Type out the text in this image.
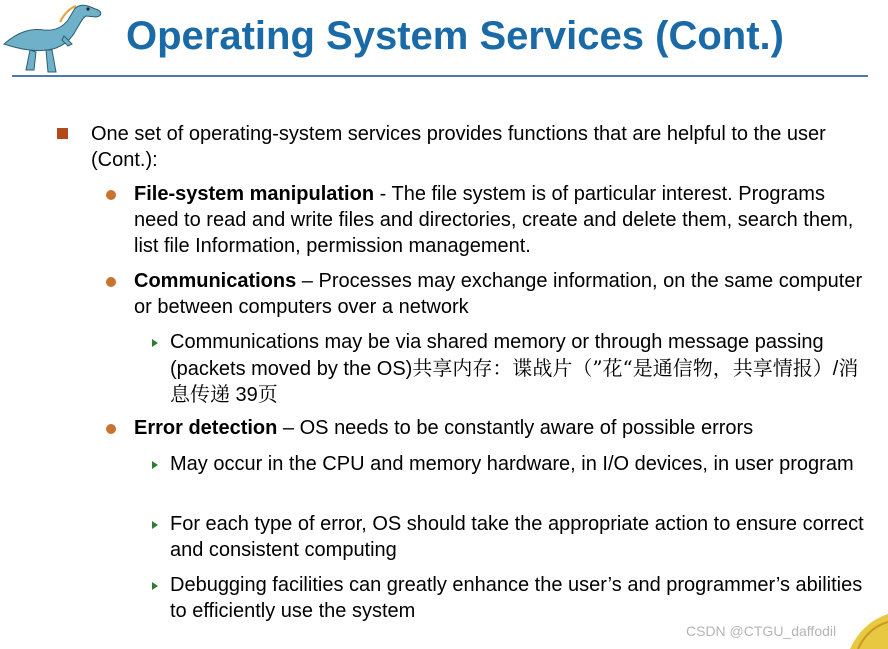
Operating System Services (Cont.)

One set of operating-system services provides functions that are helpful to the user (Cont.):

File-system manipulation - The file system is of particular interest. Programs need to read and write files and directories, create and delete them, search them, list file Information, permission management.

Communications – Processes may exchange information, on the same computer or between computers over a network

Communications may be via shared memory or through message passing (packets moved by the OS)共享内存：谍战片（”花“是通信物，共享情报）/消息传递 39页

Error detection – OS needs to be constantly aware of possible errors

May occur in the CPU and memory hardware, in I/O devices, in user program

For each type of error, OS should take the appropriate action to ensure correct and consistent computing

Debugging facilities can greatly enhance the user’s and programmer’s abilities to efficiently use the system

CSDN @CTGU_daffodil
